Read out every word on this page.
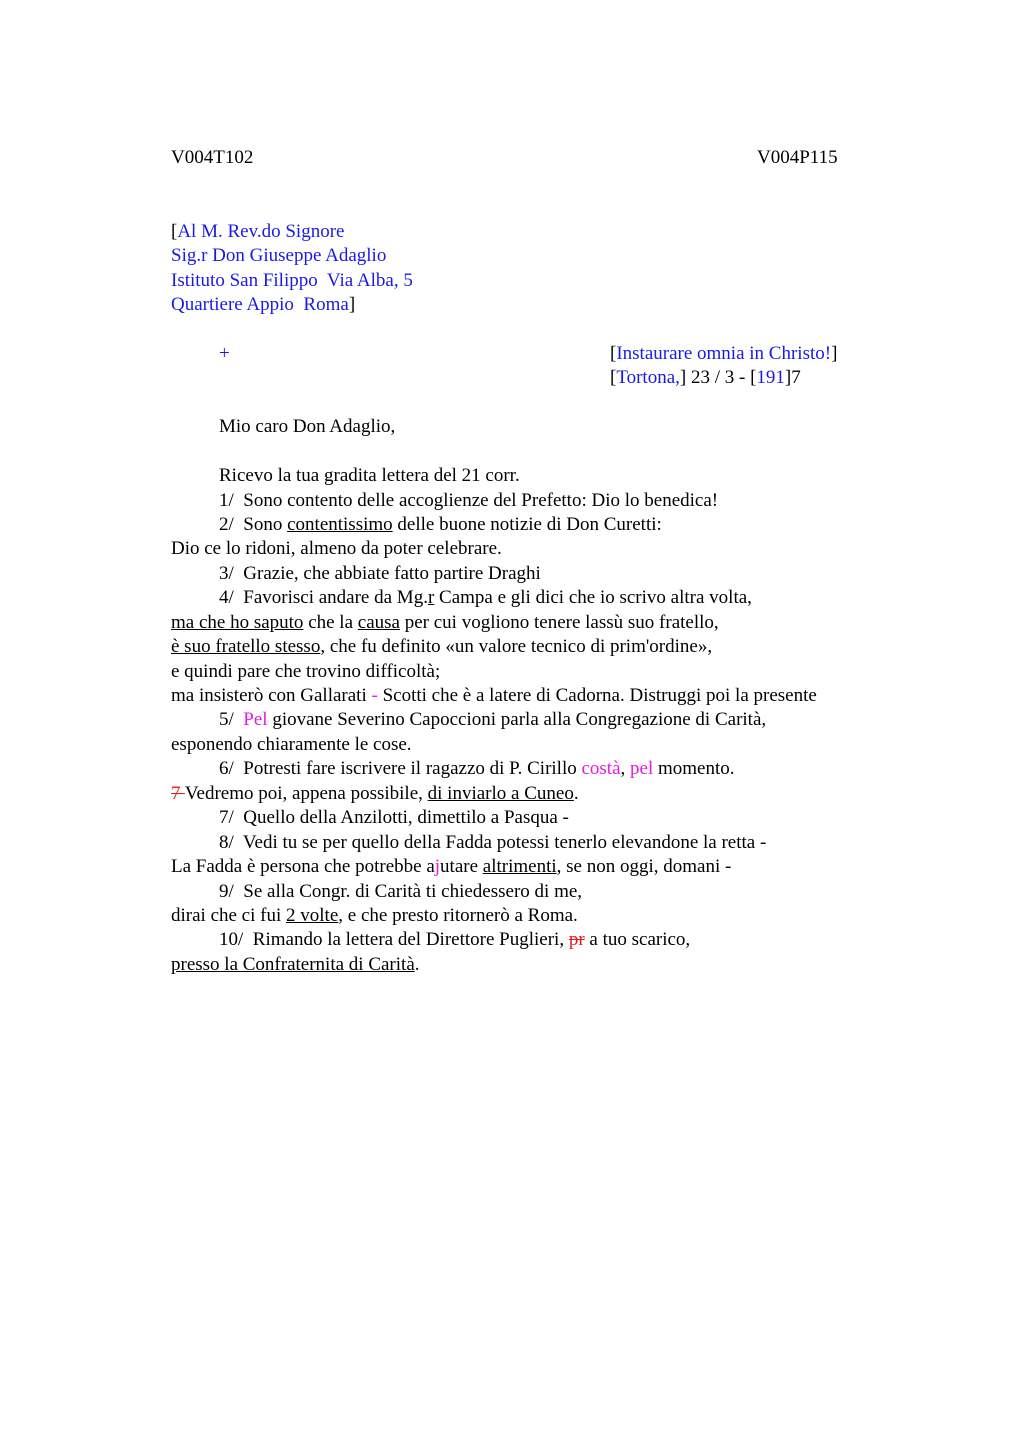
V004T102	V004P115
[Al M. Rev.do Signore
Sig.r Don Giuseppe Adaglio
Istituto San Filippo  Via Alba, 5
Quartiere Appio  Roma]
+	[Instaurare omnia in Christo!]
[Tortona,] 23 / 3 - [191]7
Mio caro Don Adaglio,
Ricevo la tua gradita lettera del 21 corr.
1/  Sono contento delle accoglienze del Prefetto: Dio lo benedica!
2/  Sono contentissimo delle buone notizie di Don Curetti:
Dio ce lo ridoni, almeno da poter celebrare.
3/  Grazie, che abbiate fatto partire Draghi
4/  Favorisci andare da Mg.r Campa e gli dici che io scrivo altra volta,
ma che ho saputo che la causa per cui vogliono tenere lassù suo fratello,
è suo fratello stesso, che fu definito «un valore tecnico di prim'ordine»,
e quindi pare che trovino difficoltà;
ma insisterò con Gallarati - Scotti che è a latere di Cadorna. Distruggi poi la presente
5/  Pel giovane Severino Capoccioni parla alla Congregazione di Carità,
esponendo chiaramente le cose.
6/  Potresti fare iscrivere il ragazzo di P. Cirillo costà, pel momento.
7 Vedremo poi, appena possibile, di inviarlo a Cuneo.
7/  Quello della Anzilotti, dimettilo a Pasqua -
8/  Vedi tu se per quello della Fadda potessi tenerlo elevandone la retta -
La Fadda è persona che potrebbe ajutare altrimenti, se non oggi, domani -
9/  Se alla Congr. di Carità ti chiedessero di me,
dirai che ci fui 2 volte, e che presto ritornerò a Roma.
10/  Rimando la lettera del Direttore Puglieri, pr a tuo scarico,
presso la Confraternita di Carità.
